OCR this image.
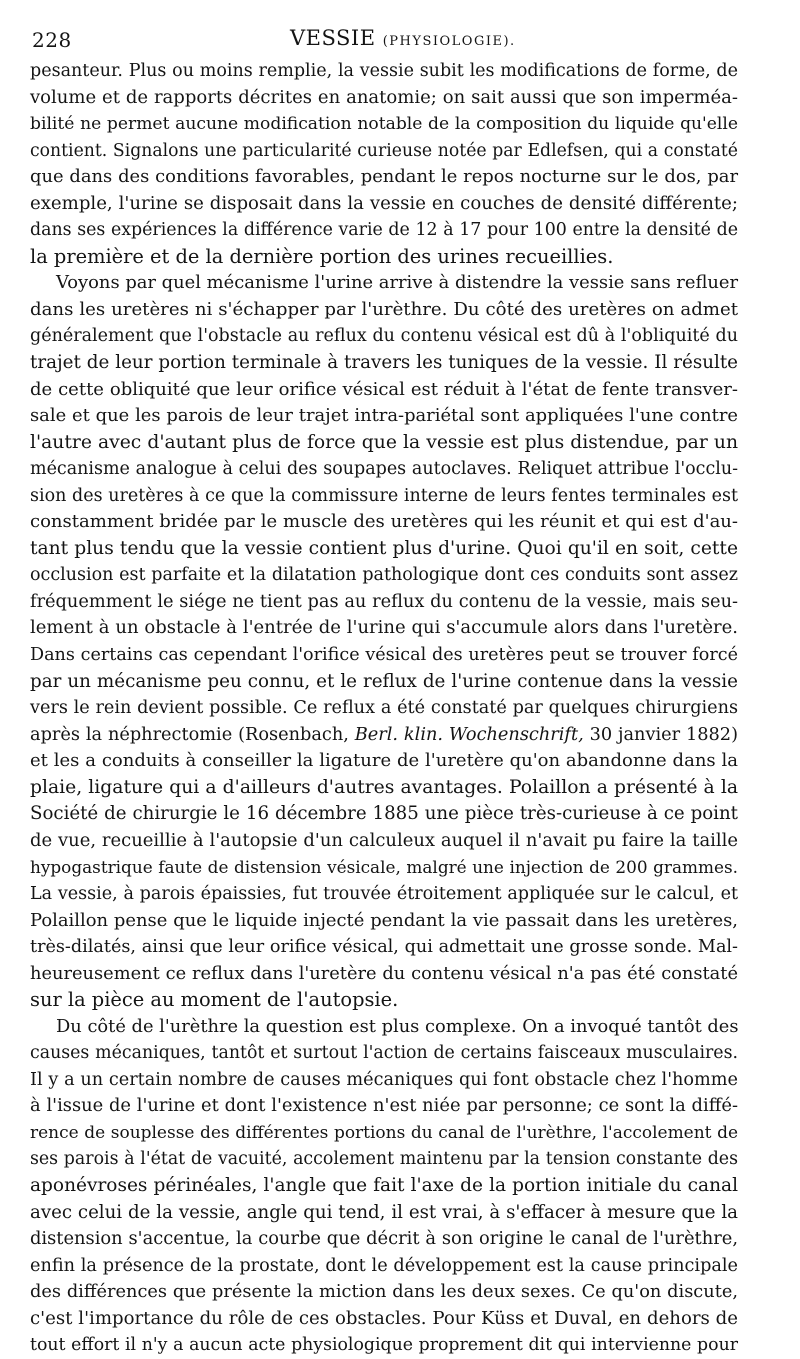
228	VESSIE (PHYSIOLOGIE).
pesanteur. Plus ou moins remplie, la vessie subit les modifications de forme, de
volume et de rapports décrites en anatomie; on sait aussi que son imperméa-
bilité ne permet aucune modification notable de la composition du liquide qu'elle
contient. Signalons une particularité curieuse notée par Edlefsen, qui a constaté
que dans des conditions favorables, pendant le repos nocturne sur le dos, par
exemple, l'urine se disposait dans la vessie en couches de densité différente;
dans ses expériences la différence varie de 12 à 17 pour 100 entre la densité de
la première et de la dernière portion des urines recueillies.
Voyons par quel mécanisme l'urine arrive à distendre la vessie sans refluer
dans les uretères ni s'échapper par l'urèthre. Du côté des uretères on admet
généralement que l'obstacle au reflux du contenu vésical est dû à l'obliquité du
trajet de leur portion terminale à travers les tuniques de la vessie. Il résulte
de cette obliquité que leur orifice vésical est réduit à l'état de fente transver-
sale et que les parois de leur trajet intra-pariétal sont appliquées l'une contre
l'autre avec d'autant plus de force que la vessie est plus distendue, par un
mécanisme analogue à celui des soupapes autoclaves. Reliquet attribue l'occlu-
sion des uretères à ce que la commissure interne de leurs fentes terminales est
constamment bridée par le muscle des uretères qui les réunit et qui est d'au-
tant plus tendu que la vessie contient plus d'urine. Quoi qu'il en soit, cette
occlusion est parfaite et la dilatation pathologique dont ces conduits sont assez
fréquemment le siége ne tient pas au reflux du contenu de la vessie, mais seu-
lement à un obstacle à l'entrée de l'urine qui s'accumule alors dans l'uretère.
Dans certains cas cependant l'orifice vésical des uretères peut se trouver forcé
par un mécanisme peu connu, et le reflux de l'urine contenue dans la vessie
vers le rein devient possible. Ce reflux a été constaté par quelques chirurgiens
après la néphrectomie (Rosenbach, Berl. klin. Wochenschrift, 30 janvier 1882)
et les a conduits à conseiller la ligature de l'uretère qu'on abandonne dans la
plaie, ligature qui a d'ailleurs d'autres avantages. Polaillon a présenté à la
Société de chirurgie le 16 décembre 1885 une pièce très-curieuse à ce point
de vue, recueillie à l'autopsie d'un calculeux auquel il n'avait pu faire la taille
hypogastrique faute de distension vésicale, malgré une injection de 200 grammes.
La vessie, à parois épaissies, fut trouvée étroitement appliquée sur le calcul, et
Polaillon pense que le liquide injecté pendant la vie passait dans les uretères,
très-dilatés, ainsi que leur orifice vésical, qui admettait une grosse sonde. Mal-
heureusement ce reflux dans l'uretère du contenu vésical n'a pas été constaté
sur la pièce au moment de l'autopsie.
Du côté de l'urèthre la question est plus complexe. On a invoqué tantôt des
causes mécaniques, tantôt et surtout l'action de certains faisceaux musculaires.
Il y a un certain nombre de causes mécaniques qui font obstacle chez l'homme
à l'issue de l'urine et dont l'existence n'est niée par personne; ce sont la diffé-
rence de souplesse des différentes portions du canal de l'urèthre, l'accolement de
ses parois à l'état de vacuité, accolement maintenu par la tension constante des
aponévroses périnéales, l'angle que fait l'axe de la portion initiale du canal
avec celui de la vessie, angle qui tend, il est vrai, à s'effacer à mesure que la
distension s'accentue, la courbe que décrit à son origine le canal de l'urèthre,
enfin la présence de la prostate, dont le développement est la cause principale
des différences que présente la miction dans les deux sexes. Ce qu'on discute,
c'est l'importance du rôle de ces obstacles. Pour Küss et Duval, en dehors de
tout effort il n'y a aucun acte physiologique proprement dit qui intervienne pour
